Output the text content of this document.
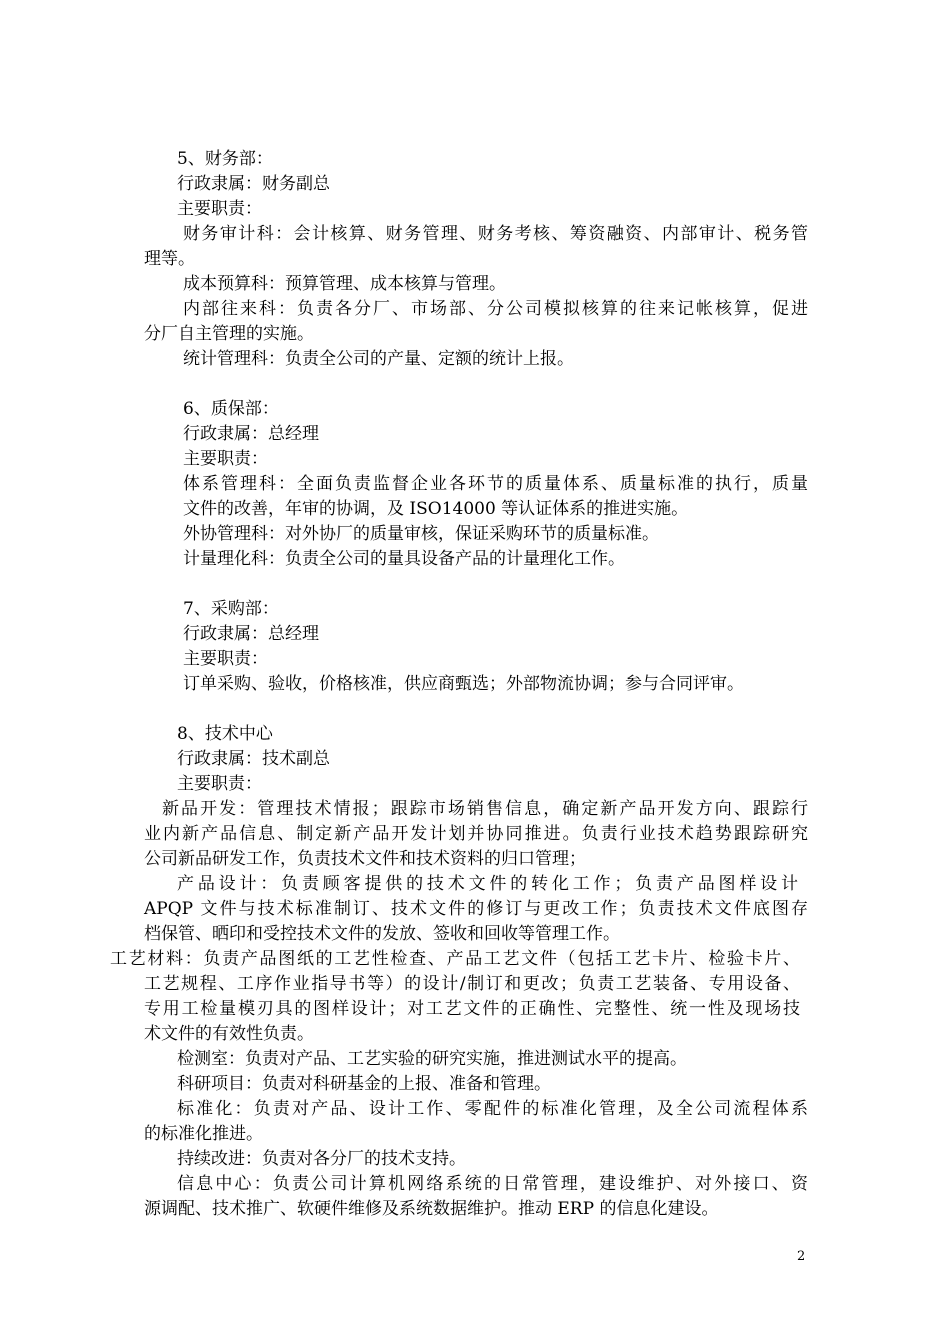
5、财务部：

行政隶属：财务副总

主要职责：

财务审计科：会计核算、财务管理、财务考核、筹资融资、内部审计、税务管

理等。

成本预算科：预算管理、成本核算与管理。

内部往来科：负责各分厂、市场部、分公司模拟核算的往来记帐核算，促进

分厂自主管理的实施。

统计管理科：负责全公司的产量、定额的统计上报。

6、质保部：

行政隶属：总经理

主要职责：

体系管理科：全面负责监督企业各环节的质量体系、质量标准的执行，质量

文件的改善，年审的协调，及 ISO14000 等认证体系的推进实施。

外协管理科：对外协厂的质量审核，保证采购环节的质量标准。

计量理化科：负责全公司的量具设备产品的计量理化工作。

7、采购部：

行政隶属：总经理

主要职责：

订单采购、验收，价格核准，供应商甄选；外部物流协调；参与合同评审。

8、技术中心

行政隶属：技术副总

主要职责：

新品开发：管理技术情报；跟踪市场销售信息，确定新产品开发方向、跟踪行

业内新产品信息、制定新产品开发计划并协同推进。负责行业技术趋势跟踪研究

公司新品研发工作，负责技术文件和技术资料的归口管理；

产品设计：负责顾客提供的技术文件的转化工作；负责产品图样设计

APQP 文件与技术标准制订、技术文件的修订与更改工作；负责技术文件底图存

档保管、晒印和受控技术文件的发放、签收和回收等管理工作。

工艺材料：负责产品图纸的工艺性检查、产品工艺文件（包括工艺卡片、检验卡片、

工艺规程、工序作业指导书等）的设计/制订和更改；负责工艺装备、专用设备、

专用工检量模刃具的图样设计；对工艺文件的正确性、完整性、统一性及现场技

术文件的有效性负责。

检测室：负责对产品、工艺实验的研究实施，推进测试水平的提高。

科研项目：负责对科研基金的上报、准备和管理。

标准化：负责对产品、设计工作、零配件的标准化管理，及全公司流程体系

的标准化推进。

持续改进：负责对各分厂的技术支持。

信息中心：负责公司计算机网络系统的日常管理，建设维护、对外接口、资

源调配、技术推广、软硬件维修及系统数据维护。推动 ERP 的信息化建设。

2
